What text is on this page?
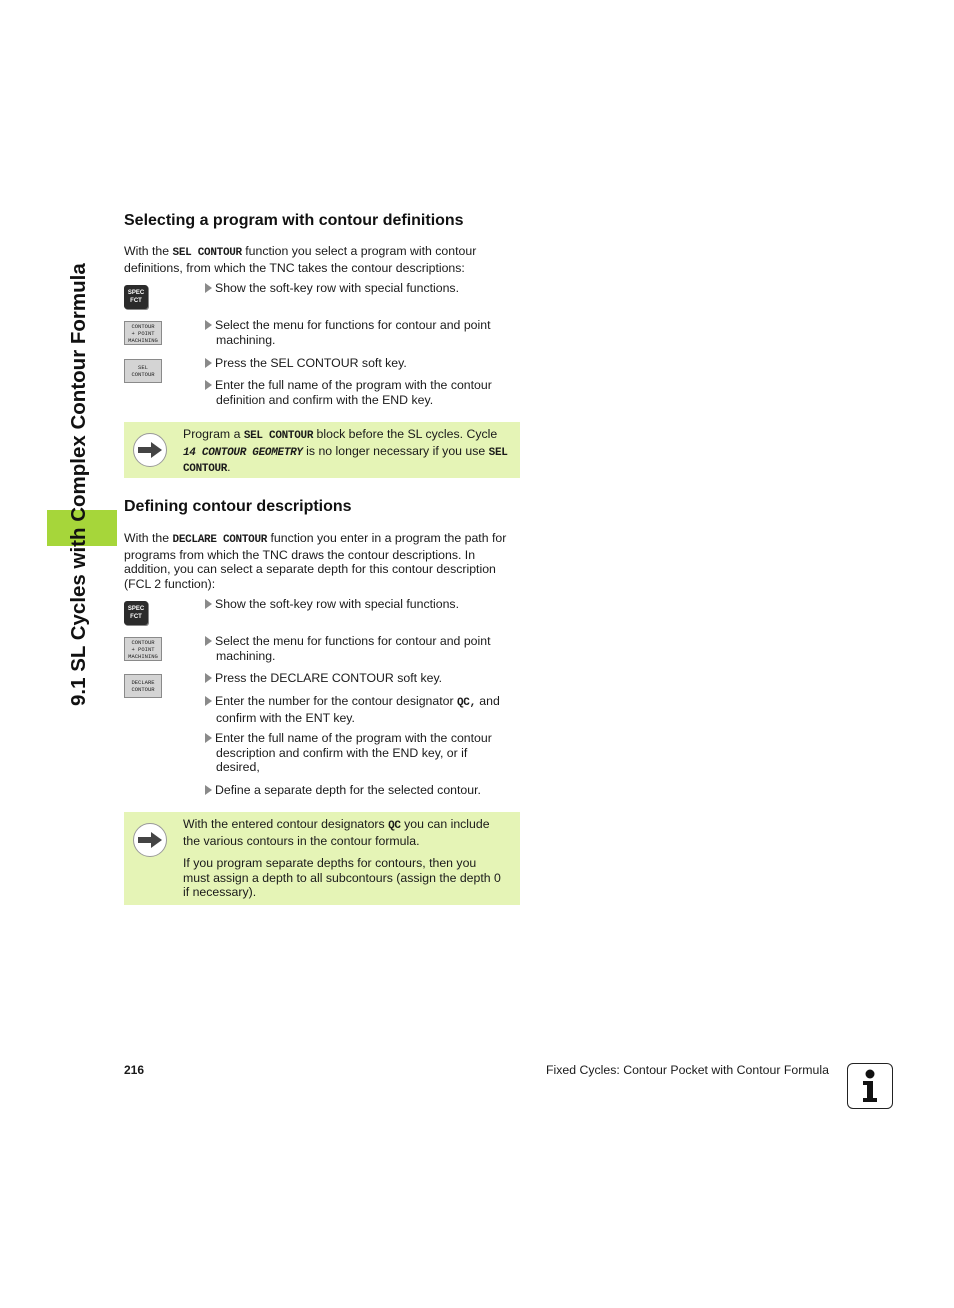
9.1 SL Cycles with Complex Contour Formula
Selecting a program with contour definitions
With the SEL CONTOUR function you select a program with contour
definitions, from which the TNC takes the contour descriptions:
SPEC
FCT
CONTOUR
+ POINT
MACHINING
SEL
CONTOUR
Show the soft-key row with special functions.
Select the menu for functions for contour and point
machining.
Press the SEL CONTOUR soft key.
Enter the full name of the program with the contour
definition and confirm with the END key.
Program a SEL CONTOUR block before the SL cycles. Cycle
14 CONTOUR GEOMETRY is no longer necessary if you use SEL
CONTOUR.
Defining contour descriptions
With the DECLARE CONTOUR function you enter in a program the path for
programs from which the TNC draws the contour descriptions. In
addition, you can select a separate depth for this contour description
(FCL 2 function):
SPEC
FCT
CONTOUR
+ POINT
MACHINING
DECLARE
CONTOUR
Show the soft-key row with special functions.
Select the menu for functions for contour and point
machining.
Press the DECLARE CONTOUR soft key.
Enter the number for the contour designator QC, and
confirm with the ENT key.
Enter the full name of the program with the contour
description and confirm with the END key, or if
desired,
Define a separate depth for the selected contour.
With the entered contour designators QC you can include
the various contours in the contour formula.
If you program separate depths for contours, then you
must assign a depth to all subcontours (assign the depth 0
if necessary).
216	Fixed Cycles: Contour Pocket with Contour Formula
